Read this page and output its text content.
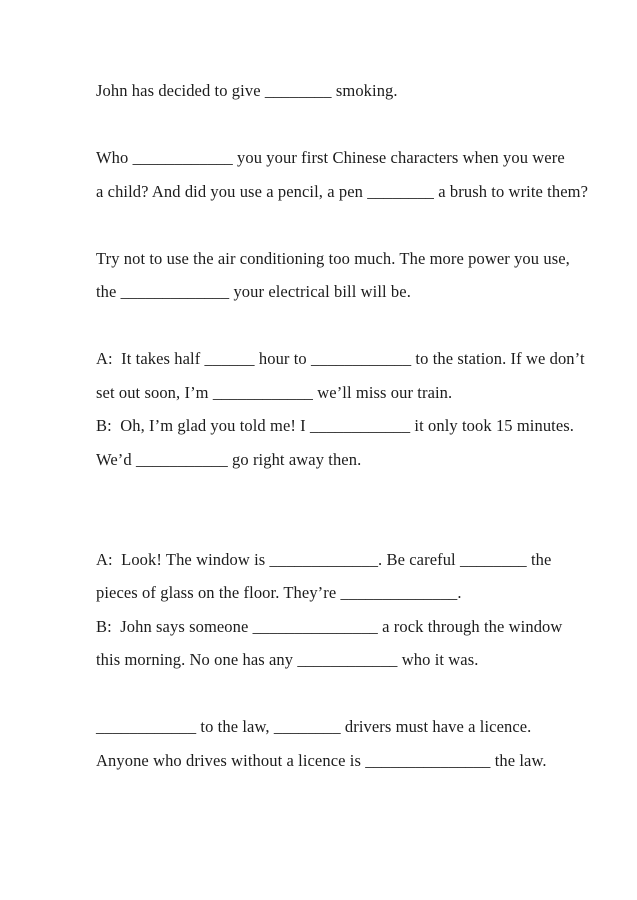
John has decided to give ________ smoking.
Who ____________ you your first Chinese characters when you were
a child? And did you use a pencil, a pen ________ a brush to write them?
Try not to use the air conditioning too much. The more power you use,
the _____________ your electrical bill will be.
A:  It takes half ______ hour to ____________ to the station. If we don’t
set out soon, I’m ____________ we’ll miss our train.
B:  Oh, I’m glad you told me! I ____________ it only took 15 minutes.
We’d ___________ go right away then.
A:  Look! The window is _____________. Be careful ________ the
pieces of glass on the floor. They’re ______________.
B:  John says someone _______________ a rock through the window
this morning. No one has any ____________ who it was.
____________ to the law, ________ drivers must have a licence.
Anyone who drives without a licence is _______________ the law.
